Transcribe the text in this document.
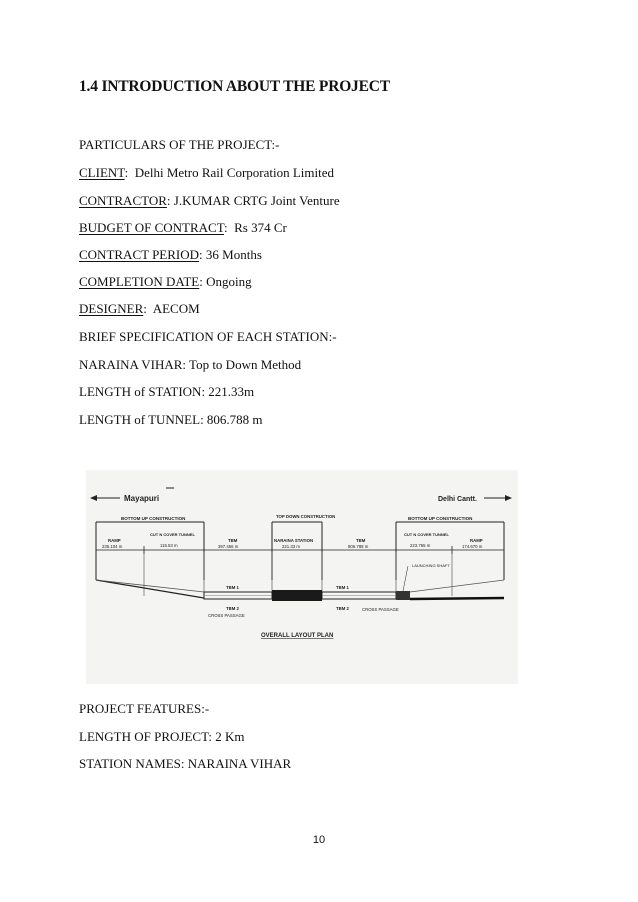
1.4 INTRODUCTION ABOUT THE PROJECT
PARTICULARS OF THE PROJECT:-
CLIENT:  Delhi Metro Rail Corporation Limited
CONTRACTOR: J.KUMAR CRTG Joint Venture
BUDGET OF CONTRACT:  Rs 374 Cr
CONTRACT PERIOD: 36 Months
COMPLETION DATE: Ongoing
DESIGNER:  AECOM
BRIEF SPECIFICATION OF EACH STATION:-
NARAINA VIHAR: Top to Down Method
LENGTH of STATION: 221.33m
LENGTH of TUNNEL: 806.788 m
Mayapuri	Delhi Cantt.
BOTTOM UP CONSTRUCTION	TOP DOWN CONSTRUCTION	BOTTOM UP CONSTRUCTION
RAMP
235.104 m
CUT N COVER TUNNEL
115.53 m
TBM
397.456 m
NARAINA STATION
221.33 m
TBM
806.788 m
CUT N COVER TUNNEL
223.765 m
RAMP
174.670 m
TBM 1
TBM 2
TBM 1
TBM 2
CROSS PASSAGE
CROSS PASSAGE
LAUNCHING SHAFT
OVERALL LAYOUT PLAN
PROJECT FEATURES:-
LENGTH OF PROJECT: 2 Km
STATION NAMES: NARAINA VIHAR
10
